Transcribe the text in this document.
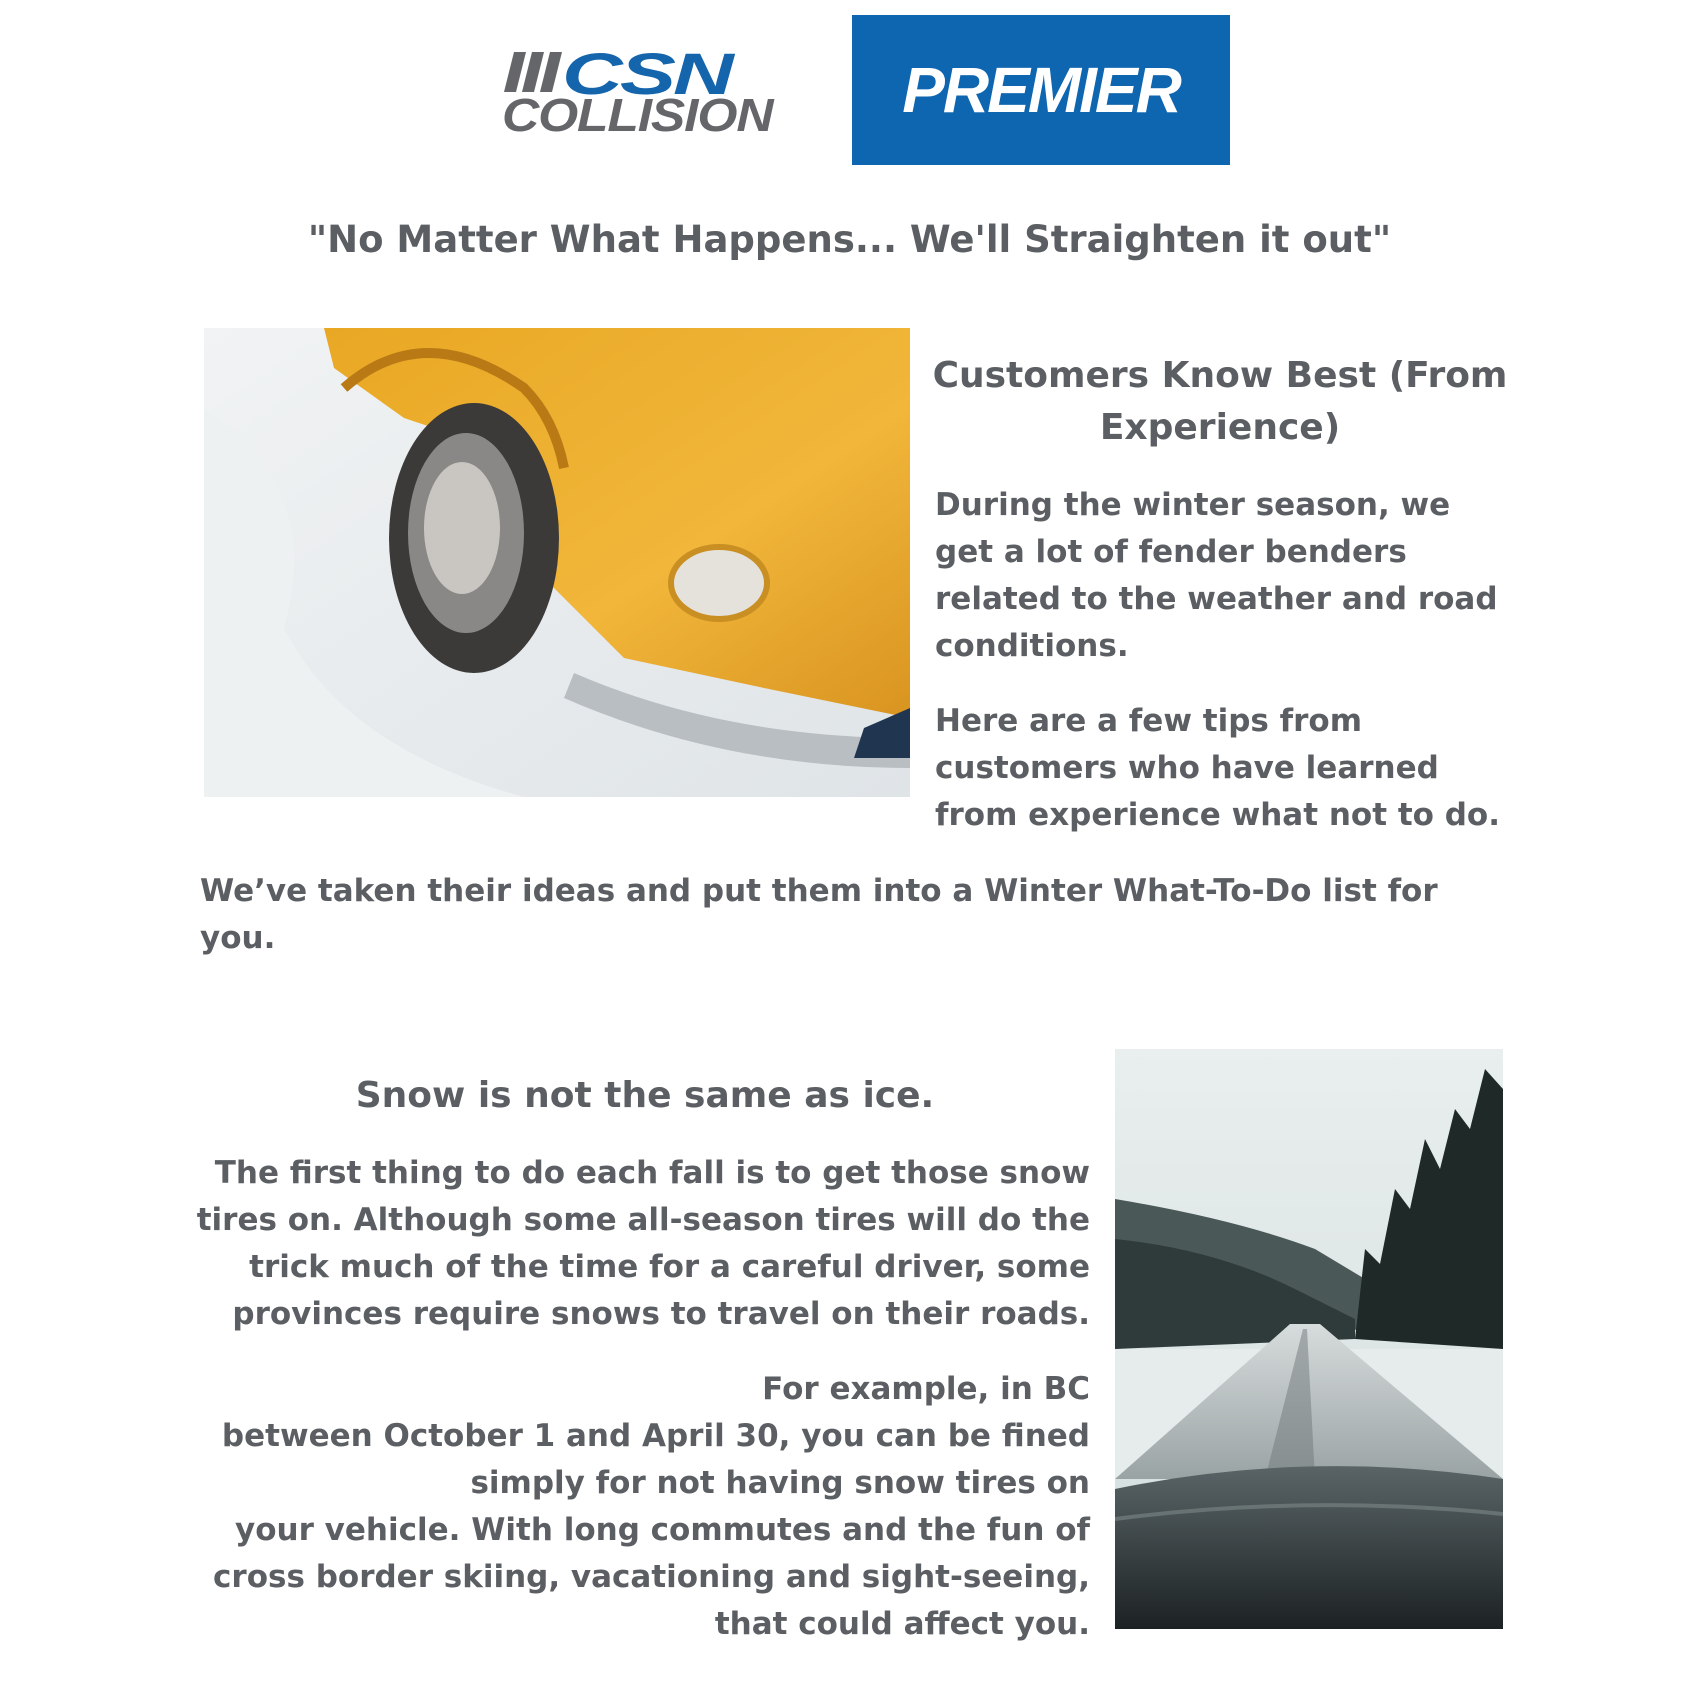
CSN
COLLISION PREMIER
"No Matter What Happens... We'll Straighten it out"
Customers Know Best (From Experience)
During the winter season, we get a lot of fender benders related to the weather and road conditions.
Here are a few tips from customers who have learned from experience what not to do.
We’ve taken their ideas and put them into a Winter What-To-Do list for you.
Snow is not the same as ice.
The first thing to do each fall is to get those snow tires on. Although some all-season tires will do the trick much of the time for a careful driver, some provinces require snows to travel on their roads.
For example, in BC
between October 1 and April 30, you can be fined simply for not having snow tires on
your vehicle. With long commutes and the fun of cross border skiing, vacationing and sight-seeing, that could affect you.
